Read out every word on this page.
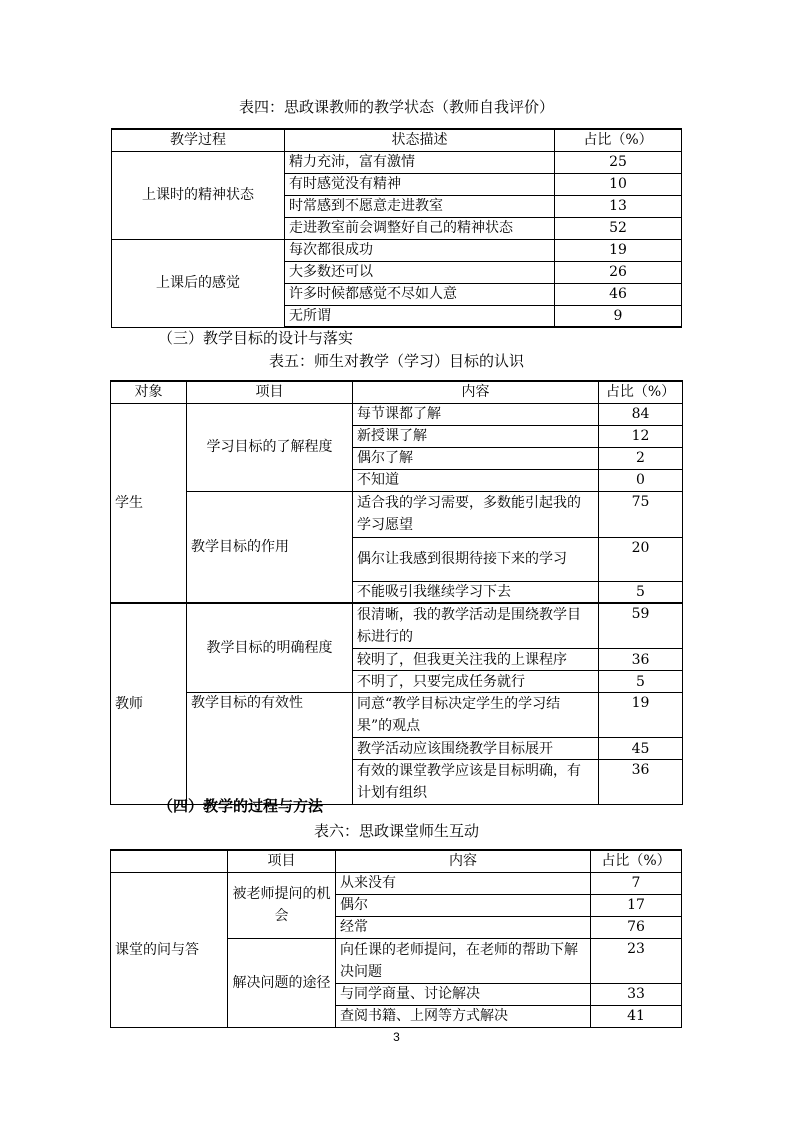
表四：思政课教师的教学状态（教师自我评价）
教学过程	状态描述	占比（%）
上课时的精神状态	精力充沛，富有激情	25
	有时感觉没有精神	10
	时常感到不愿意走进教室	13
	走进教室前会调整好自己的精神状态	52
上课后的感觉	每次都很成功	19
	大多数还可以	26
	许多时候都感觉不尽如人意	46
	无所谓	9
（三）教学目标的设计与落实
表五：师生对教学（学习）目标的认识
对象	项目	内容	占比（%）
学生	学习目标的了解程度	每节课都了解	84
		新授课了解	12
		偶尔了解	2
		不知道	0
	教学目标的作用	适合我的学习需要，多数能引起我的学习愿望	75
		偶尔让我感到很期待接下来的学习	20
		不能吸引我继续学习下去	5
教师	教学目标的明确程度	很清晰，我的教学活动是围绕教学目标进行的	59
		较明了，但我更关注我的上课程序	36
		不明了，只要完成任务就行	5
	教学目标的有效性	同意“教学目标决定学生的学习结果”的观点	19
		教学活动应该围绕教学目标展开	45
		有效的课堂教学应该是目标明确，有计划有组织	36
（四）教学的过程与方法
表六：思政课堂师生互动
	项目	内容	占比（%）
课堂的问与答	被老师提问的机会	从来没有	7
		偶尔	17
		经常	76
	解决问题的途径	向任课的老师提问，在老师的帮助下解决问题	23
		与同学商量、讨论解决	33
		查阅书籍、上网等方式解决	41
3
